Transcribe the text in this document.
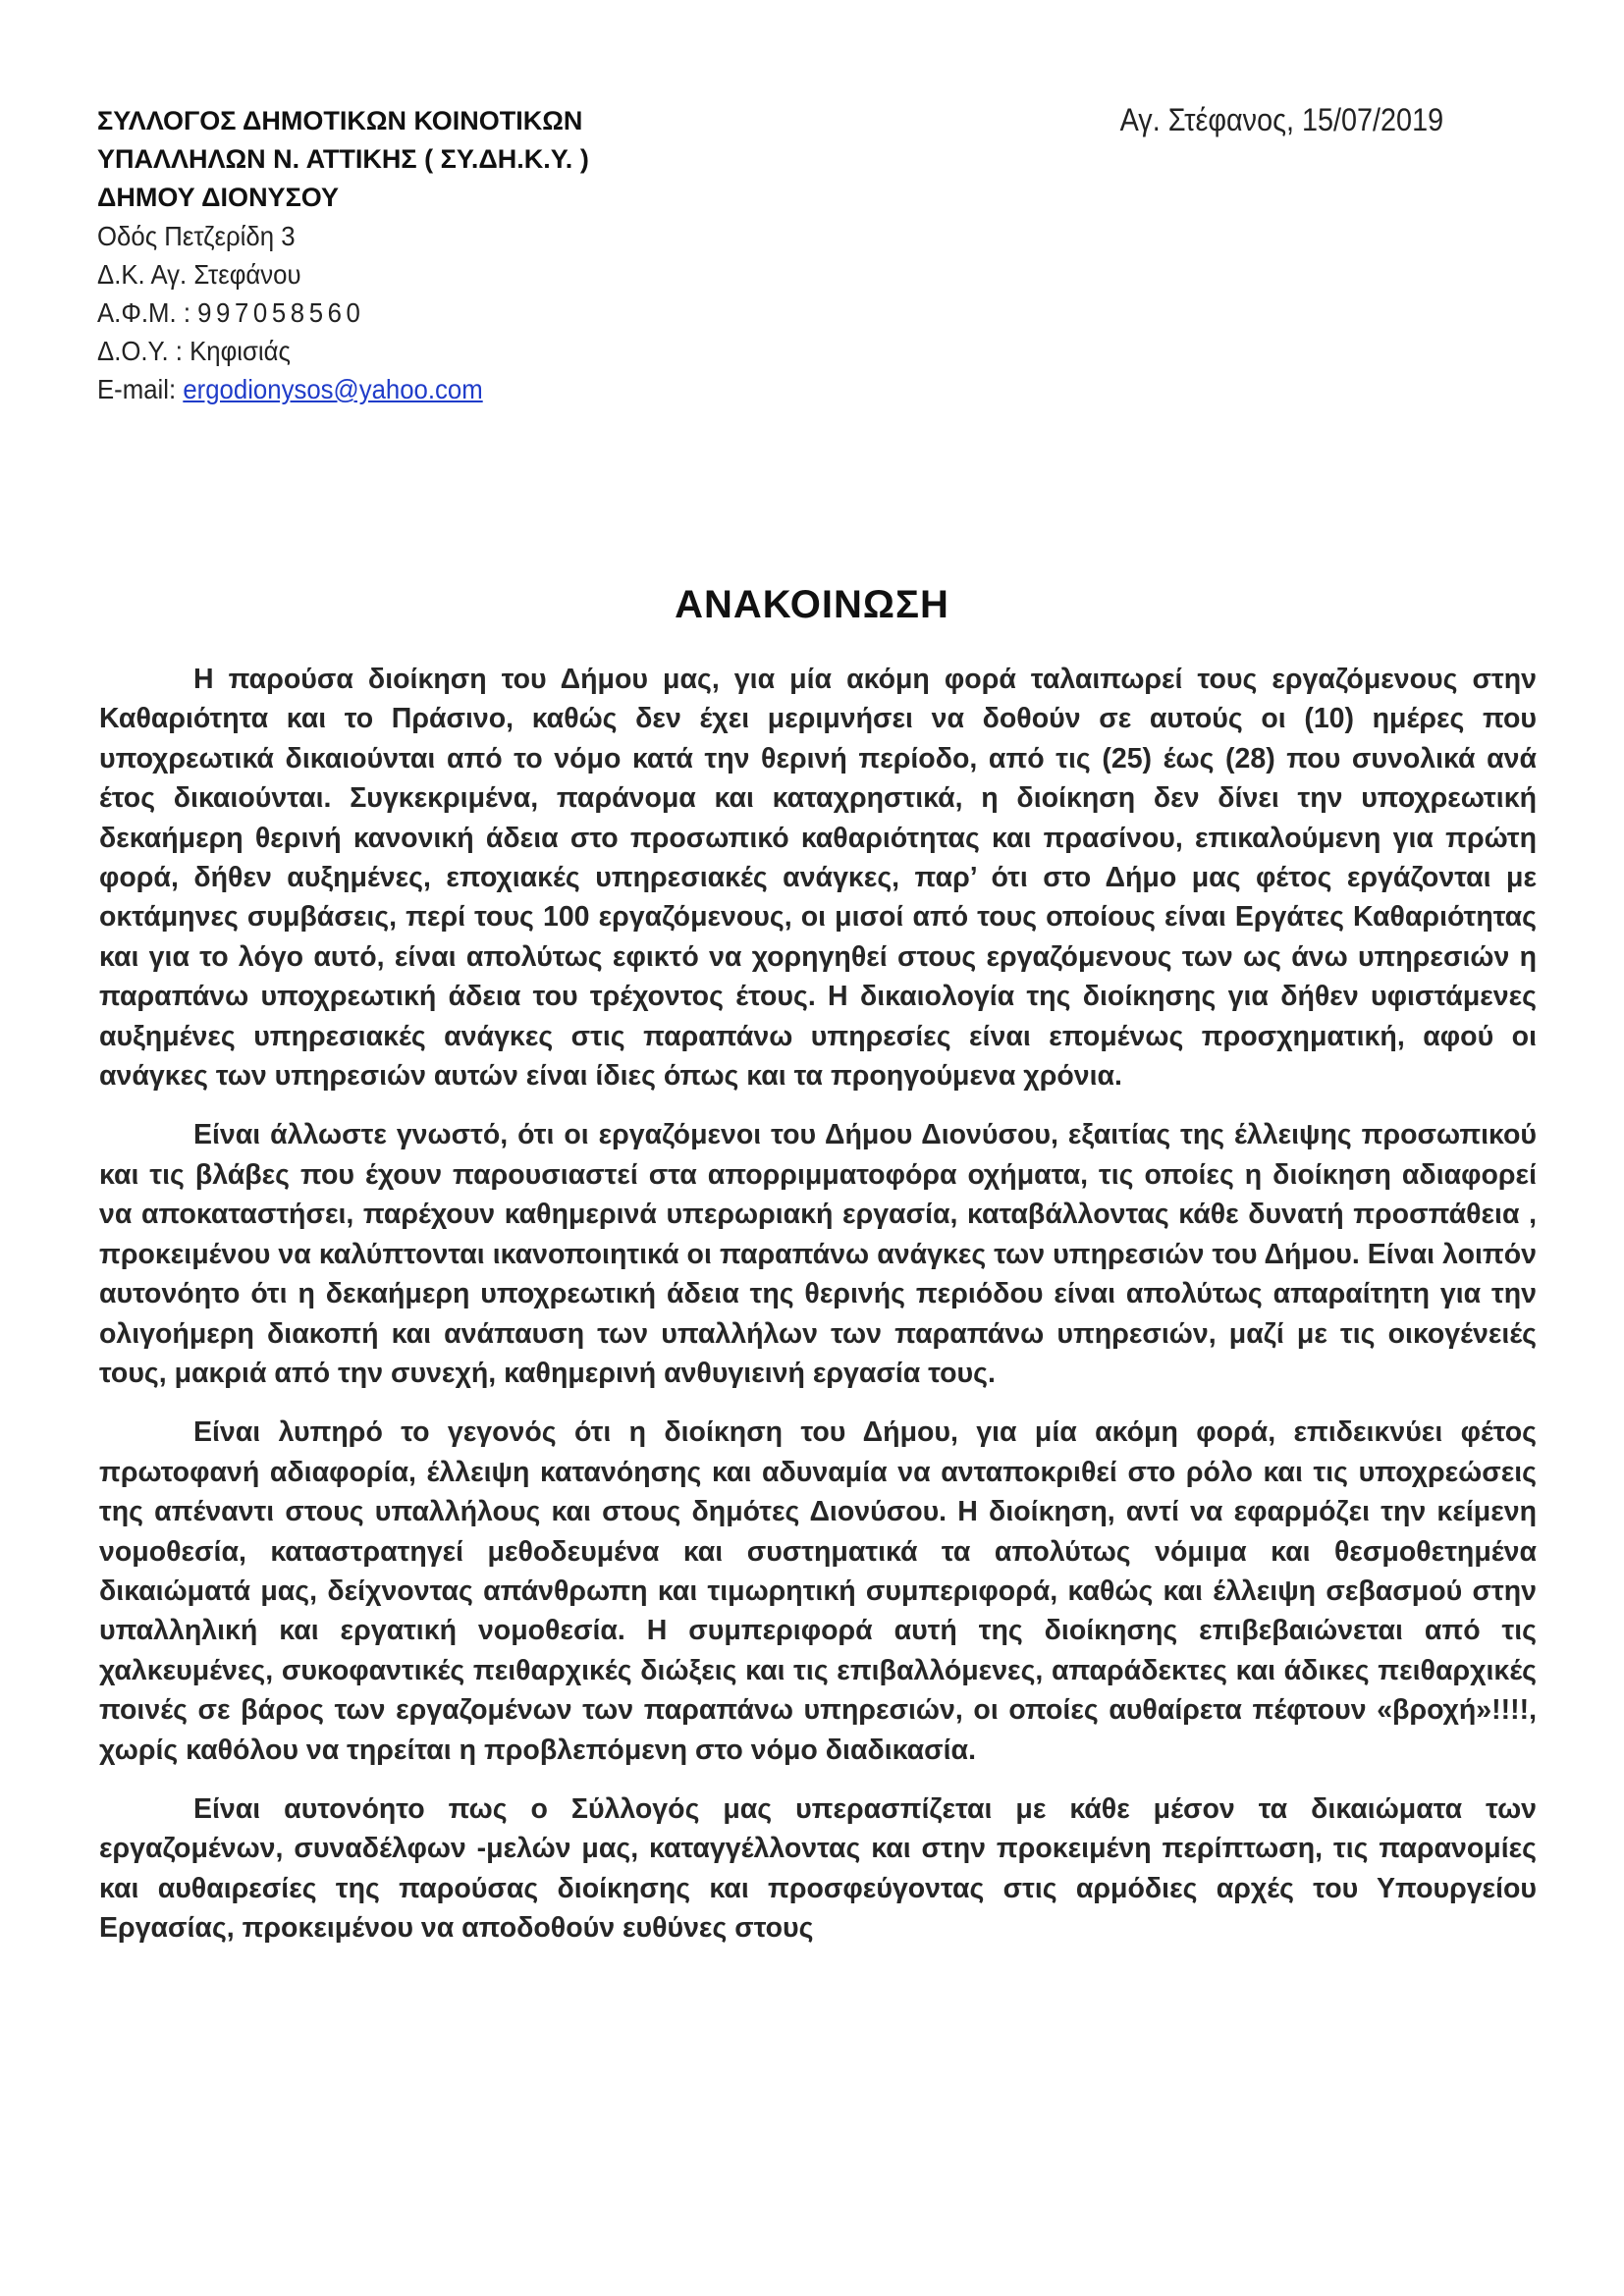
ΣΥΛΛΟΓΟΣ ΔΗΜΟΤΙΚΩΝ ΚΟΙΝΟΤΙΚΩΝ
ΥΠΑΛΛΗΛΩΝ Ν. ΑΤΤΙΚΗΣ ( ΣΥ.ΔΗ.Κ.Υ. )
ΔΗΜΟΥ ΔΙΟΝΥΣΟΥ
Οδός Πετζερίδη 3
Δ.Κ. Αγ. Στεφάνου
Α.Φ.Μ. : 997058560
Δ.Ο.Υ. : Κηφισιάς
E-mail: ergodionysos@yahoo.com
Αγ. Στέφανος, 15/07/2019
ΑΝΑΚΟΙΝΩΣΗ

Η παρούσα διοίκηση του Δήμου μας, για μία ακόμη φορά ταλαιπωρεί τους εργαζόμενους στην Καθαριότητα και το Πράσινο, καθώς δεν έχει μεριμνήσει να δοθούν σε αυτούς οι (10) ημέρες που υποχρεωτικά δικαιούνται από το νόμο κατά την θερινή περίοδο, από τις (25) έως (28) που συνολικά ανά έτος δικαιούνται. Συγκεκριμένα, παράνομα και καταχρηστικά, η διοίκηση δεν δίνει την υποχρεωτική δεκαήμερη θερινή κανονική άδεια στο προσωπικό καθαριότητας και πρασίνου, επικαλούμενη για πρώτη φορά, δήθεν αυξημένες, εποχιακές υπηρεσιακές ανάγκες, παρ’ ότι στο Δήμο μας φέτος εργάζονται με οκτάμηνες συμβάσεις, περί τους 100 εργαζόμενους, οι μισοί από τους οποίους είναι Εργάτες Καθαριότητας και για το λόγο αυτό, είναι απολύτως εφικτό να χορηγηθεί στους εργαζόμενους των ως άνω υπηρεσιών η παραπάνω υποχρεωτική άδεια του τρέχοντος έτους. Η δικαιολογία της διοίκησης για δήθεν υφιστάμενες αυξημένες υπηρεσιακές ανάγκες στις παραπάνω υπηρεσίες είναι επομένως προσχηματική, αφού οι ανάγκες των υπηρεσιών αυτών είναι ίδιες όπως και τα προηγούμενα χρόνια.

Είναι άλλωστε γνωστό, ότι οι εργαζόμενοι του Δήμου Διονύσου, εξαιτίας της έλλειψης προσωπικού και τις βλάβες που έχουν παρουσιαστεί στα απορριμματοφόρα οχήματα, τις οποίες η διοίκηση αδιαφορεί να αποκαταστήσει, παρέχουν καθημερινά υπερωριακή εργασία, καταβάλλοντας κάθε δυνατή προσπάθεια , προκειμένου να καλύπτονται ικανοποιητικά οι παραπάνω ανάγκες των υπηρεσιών του Δήμου. Είναι λοιπόν αυτονόητο ότι η δεκαήμερη υποχρεωτική άδεια της θερινής περιόδου είναι απολύτως απαραίτητη για την ολιγοήμερη διακοπή και ανάπαυση των υπαλλήλων των παραπάνω υπηρεσιών, μαζί με τις οικογένειές τους, μακριά από την συνεχή, καθημερινή ανθυγιεινή εργασία τους.

Είναι λυπηρό το γεγονός ότι η διοίκηση του Δήμου, για μία ακόμη φορά, επιδεικνύει φέτος πρωτοφανή αδιαφορία, έλλειψη κατανόησης και αδυναμία να ανταποκριθεί στο ρόλο και τις υποχρεώσεις της απέναντι στους υπαλλήλους και στους δημότες Διονύσου. Η διοίκηση, αντί να εφαρμόζει την κείμενη νομοθεσία, καταστρατηγεί μεθοδευμένα και συστηματικά τα απολύτως νόμιμα και θεσμοθετημένα δικαιώματά μας, δείχνοντας απάνθρωπη και τιμωρητική συμπεριφορά, καθώς και έλλειψη σεβασμού στην υπαλληλική και εργατική νομοθεσία. Η συμπεριφορά αυτή της διοίκησης επιβεβαιώνεται από τις χαλκευμένες, συκοφαντικές πειθαρχικές διώξεις και τις επιβαλλόμενες, απαράδεκτες και άδικες πειθαρχικές ποινές σε βάρος των εργαζομένων των παραπάνω υπηρεσιών, οι οποίες αυθαίρετα πέφτουν «βροχή»!!!!, χωρίς καθόλου να τηρείται η προβλεπόμενη στο νόμο διαδικασία.

Είναι αυτονόητο πως ο Σύλλογός μας υπερασπίζεται με κάθε μέσον τα δικαιώματα των εργαζομένων, συναδέλφων -μελών μας, καταγγέλλοντας και στην προκειμένη περίπτωση, τις παρανομίες και αυθαιρεσίες της παρούσας διοίκησης και προσφεύγοντας στις αρμόδιες αρχές του Υπουργείου Εργασίας, προκειμένου να αποδοθούν ευθύνες στους
